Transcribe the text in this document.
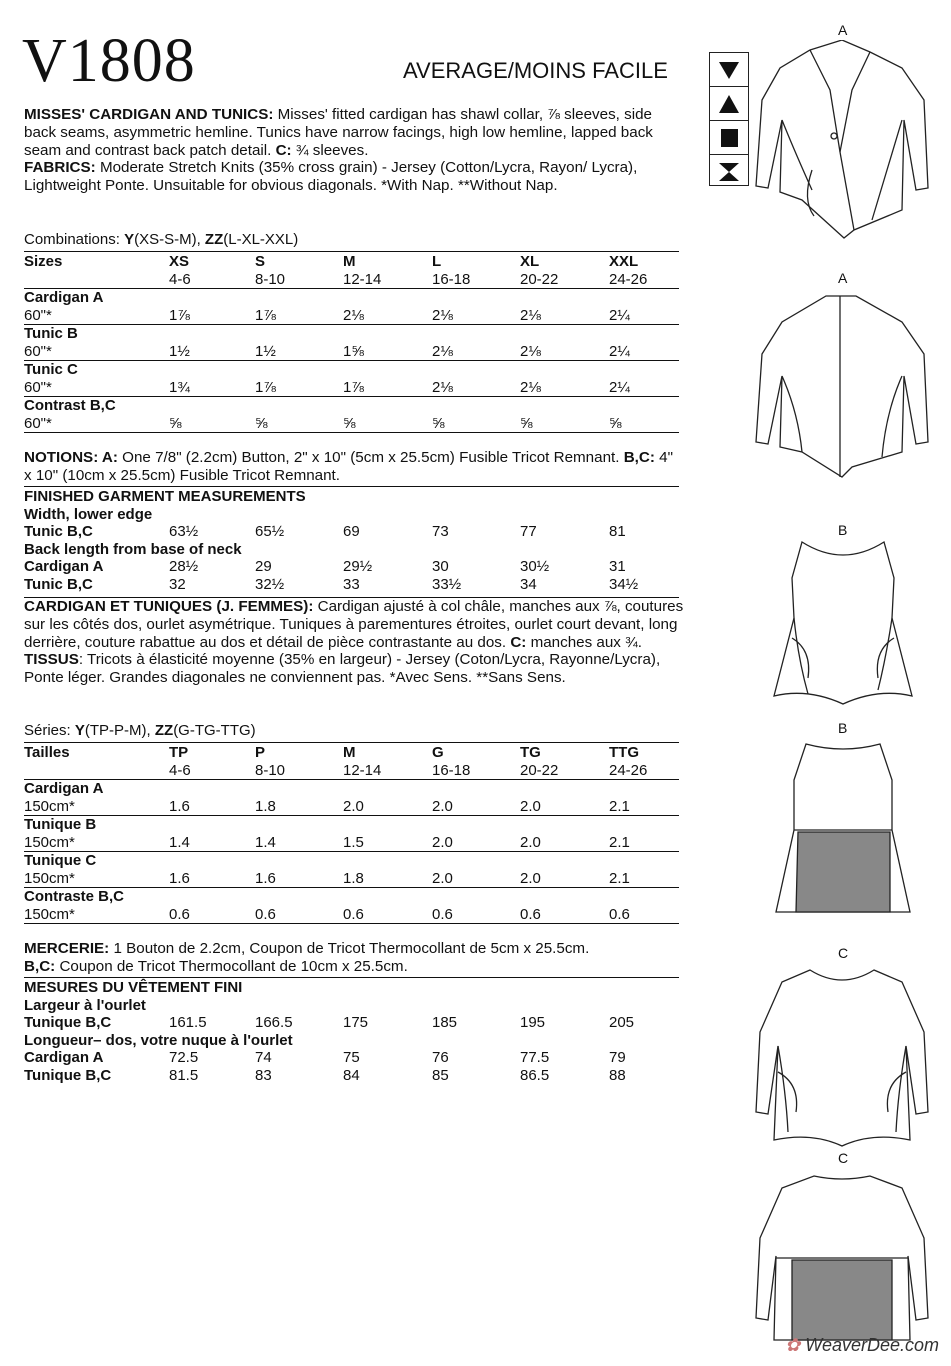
V1808	AVERAGE/MOINS FACILE
MISSES' CARDIGAN AND TUNICS: Misses' fitted cardigan has shawl collar, ⅞ sleeves, side back seams, asymmetric hemline. Tunics have narrow facings, high low hemline, lapped back seam and contrast back patch detail. C: ¾ sleeves.
FABRICS: Moderate Stretch Knits (35% cross grain) - Jersey (Cotton/Lycra, Rayon/ Lycra), Lightweight Ponte. Unsuitable for obvious diagonals. *With Nap. **Without Nap.
Combinations: Y(XS-S-M), ZZ(L-XL-XXL)
Sizes	XS	S	M	L	XL	XXL
	4-6	8-10	12-14	16-18	20-22	24-26
Cardigan A						
60"*	1⅞	1⅞	2⅛	2⅛	2⅛	2¼
Tunic B						
60"*	1½	1½	1⅝	2⅛	2⅛	2¼
Tunic C						
60"*	1¾	1⅞	1⅞	2⅛	2⅛	2¼
Contrast B,C						
60"*	⅝	⅝	⅝	⅝	⅝	⅝
NOTIONS: A: One 7/8" (2.2cm) Button, 2" x 10" (5cm x 25.5cm) Fusible Tricot Remnant. B,C: 4" x 10" (10cm x 25.5cm) Fusible Tricot Remnant.
FINISHED GARMENT MEASUREMENTS						
Width, lower edge						
Tunic B,C	63½	65½	69	73	77	81
Back length from base of neck						
Cardigan A	28½	29	29½	30	30½	31
Tunic B,C	32	32½	33	33½	34	34½
CARDIGAN ET TUNIQUES (J. FEMMES): Cardigan ajusté à col châle, manches aux ⅞, coutures sur les côtés dos, ourlet asymétrique. Tuniques à parementures étroites, ourlet court devant, long derrière, couture rabattue au dos et détail de pièce contrastante au dos. C: manches aux ¾. TISSUS: Tricots à élasticité moyenne (35% en largeur) - Jersey (Coton/Lycra, Rayonne/Lycra), Ponte léger. Grandes diagonales ne conviennent pas. *Avec Sens. **Sans Sens.
Séries: Y(TP-P-M), ZZ(G-TG-TTG)
Tailles	TP	P	M	G	TG	TTG
	4-6	8-10	12-14	16-18	20-22	24-26
Cardigan A						
150cm*	1.6	1.8	2.0	2.0	2.0	2.1
Tunique B						
150cm*	1.4	1.4	1.5	2.0	2.0	2.1
Tunique C						
150cm*	1.6	1.6	1.8	2.0	2.0	2.1
Contraste B,C						
150cm*	0.6	0.6	0.6	0.6	0.6	0.6
MERCERIE: 1 Bouton de 2.2cm, Coupon de Tricot Thermocollant de 5cm x 25.5cm.
B,C: Coupon de Tricot Thermocollant de 10cm x 25.5cm.
MESURES DU VÊTEMENT FINI						
Largeur à l'ourlet						
Tunique B,C	161.5	166.5	175	185	195	205
Longueur– dos, votre nuque à l'ourlet						
Cardigan A	72.5	74	75	76	77.5	79
Tunique B,C	81.5	83	84	85	86.5	88
A
A
B
B
C
C
✿ WeaverDee.com
